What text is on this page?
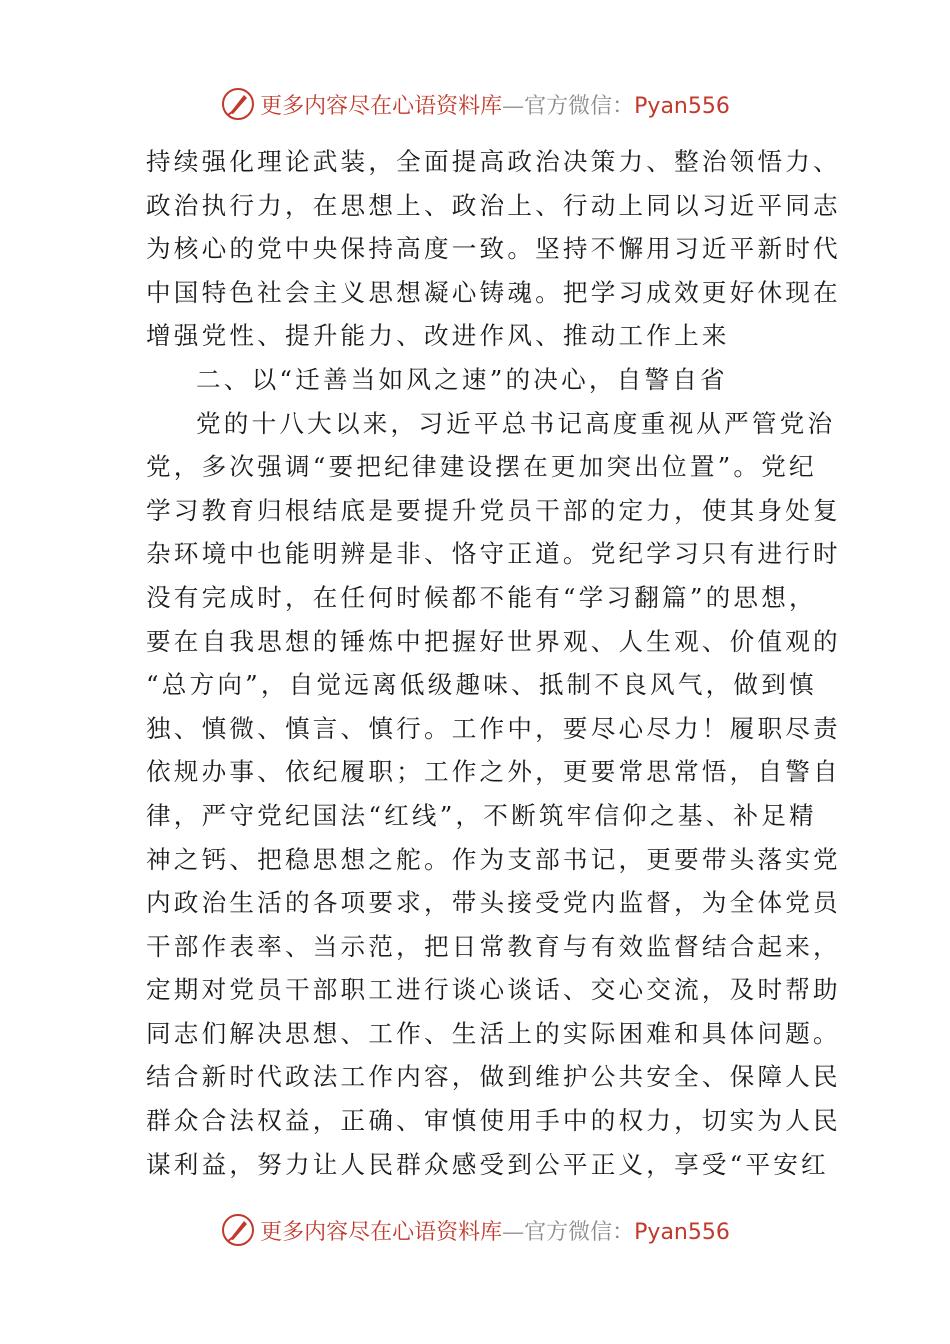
更多内容尽在心语资料库—官方微信：Pyan556
持续强化理论武装，全面提高政治决策力、整治领悟力、
政治执行力，在思想上、政治上、行动上同以习近平同志
为核心的党中央保持高度一致。坚持不懈用习近平新时代
中国特色社会主义思想凝心铸魂。把学习成效更好休现在
增强党性、提升能力、改进作风、推动工作上来
二、以“迁善当如风之速”的决心，自警自省
党的十八大以来，习近平总书记高度重视从严管党治
党，多次强调“要把纪律建设摆在更加突出位置”。党纪
学习教育归根结底是要提升党员干部的定力，使其身处复
杂环境中也能明辨是非、恪守正道。党纪学习只有进行时
没有完成时，在任何时候都不能有“学习翻篇”的思想，
要在自我思想的锤炼中把握好世界观、人生观、价值观的
“总方向”，自觉远离低级趣味、抵制不良风气，做到慎
独、慎微、慎言、慎行。工作中，要尽心尽力！履职尽责
依规办事、依纪履职；工作之外，更要常思常悟，自警自
律，严守党纪国法“红线”，不断筑牢信仰之基、补足精
神之钙、把稳思想之舵。作为支部书记，更要带头落实党
内政治生活的各项要求，带头接受党内监督，为全体党员
干部作表率、当示范，把日常教育与有效监督结合起来，
定期对党员干部职工进行谈心谈话、交心交流，及时帮助
同志们解决思想、工作、生活上的实际困难和具体问题。
结合新时代政法工作内容，做到维护公共安全、保障人民
群众合法权益，正确、审慎使用手中的权力，切实为人民
谋利益，努力让人民群众感受到公平正义，享受“平安红
更多内容尽在心语资料库—官方微信：Pyan556
